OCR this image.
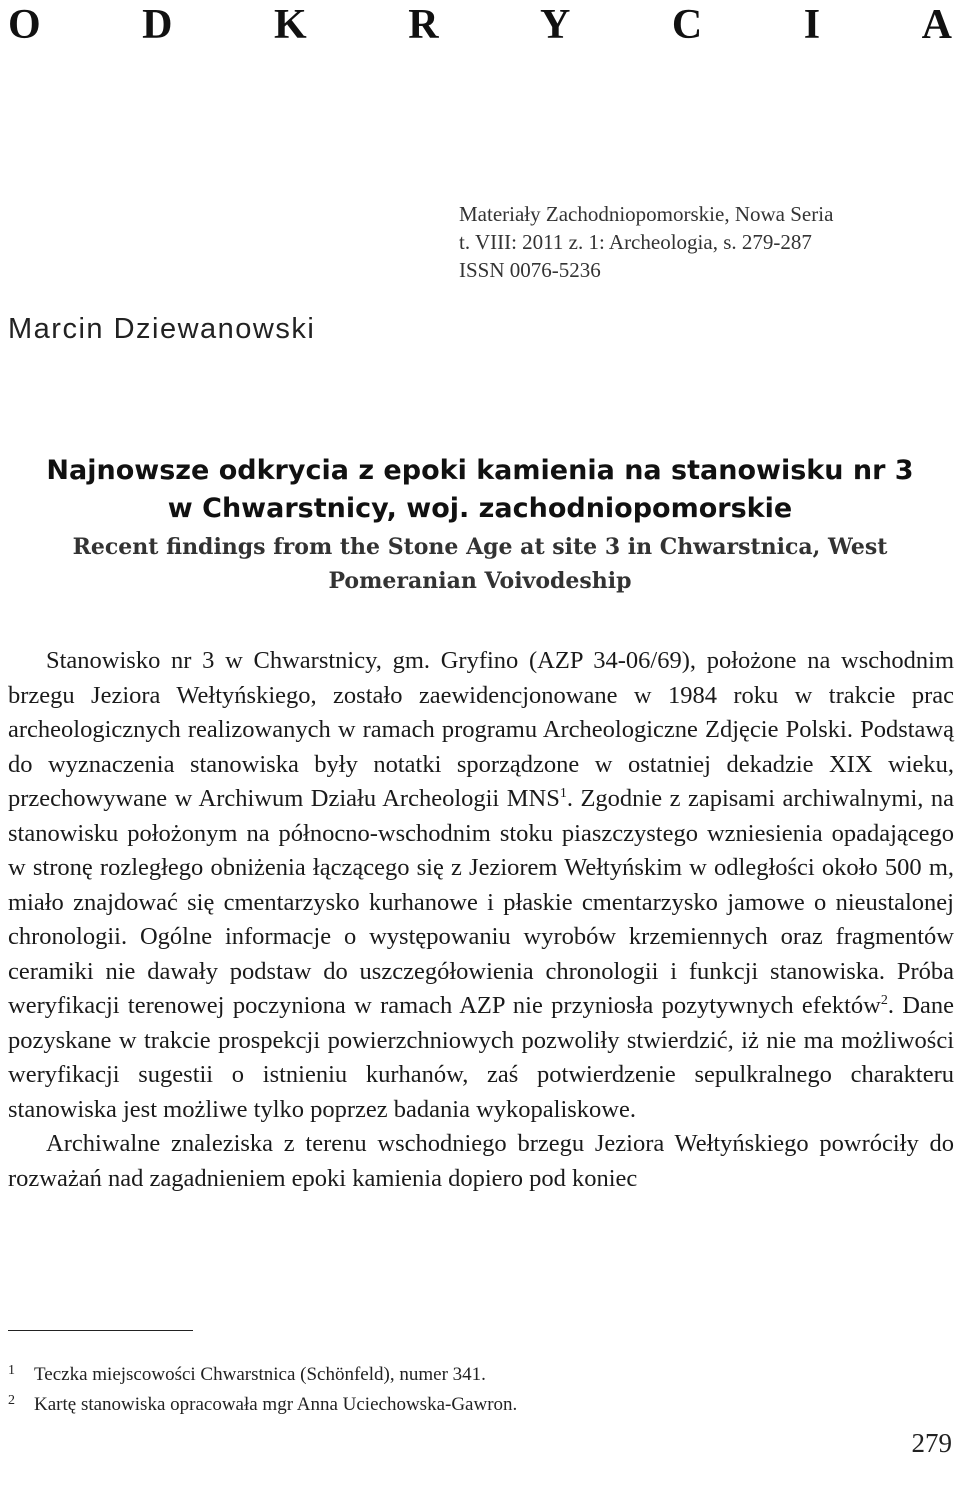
O D K R Y C I A
Materiały Zachodniopomorskie, Nowa Seria
t. VIII: 2011 z. 1: Archeologia, s. 279-287
ISSN 0076-5236
Marcin Dziewanowski
Najnowsze odkrycia z epoki kamienia na stanowisku nr 3
w Chwarstnicy, woj. zachodniopomorskie
Recent findings from the Stone Age at site 3 in Chwarstnica, West
Pomeranian Voivodeship

Stanowisko nr 3 w Chwarstnicy, gm. Gryfino (AZP 34-06/69), położone na wschodnim brzegu Jeziora Wełtyńskiego, zostało zaewidencjonowane w 1984 roku w trakcie prac archeologicznych realizowanych w ramach programu Archeologiczne Zdjęcie Polski. Podstawą do wyznaczenia stanowiska były notatki sporządzone w ostatniej dekadzie XIX wieku, przechowywane w Archiwum Działu Archeologii MNS$^1$. Zgodnie z zapisami archiwalnymi, na stanowisku położonym na północno-wschodnim stoku piaszczystego wzniesienia opadającego w stronę rozległego obniżenia łączącego się z Jeziorem Wełtyńskim w odległości około 500 m, miało znajdować się cmentarzysko kurhanowe i płaskie cmentarzysko jamowe o nieustalonej chronologii. Ogólne informacje o występowaniu wyrobów krzemiennych oraz fragmentów ceramiki nie dawały podstaw do uszczegółowienia chronologii i funkcji stanowiska. Próba weryfikacji terenowej poczyniona w ramach AZP nie przyniosła pozytywnych efektów$^2$. Dane pozyskane w trakcie prospekcji powierzchniowych pozwoliły stwierdzić, iż nie ma możliwości weryfikacji sugestii o istnieniu kurhanów, zaś potwierdzenie sepulkralnego charakteru stanowiska jest możliwe tylko poprzez badania wykopaliskowe.

Archiwalne znaleziska z terenu wschodniego brzegu Jeziora Wełtyńskiego powróciły do rozważań nad zagadnieniem epoki kamienia dopiero pod koniec

1	Teczka miejscowości Chwarstnica (Schönfeld), numer 341.
2	Kartę stanowiska opracowała mgr Anna Uciechowska-Gawron.
279
